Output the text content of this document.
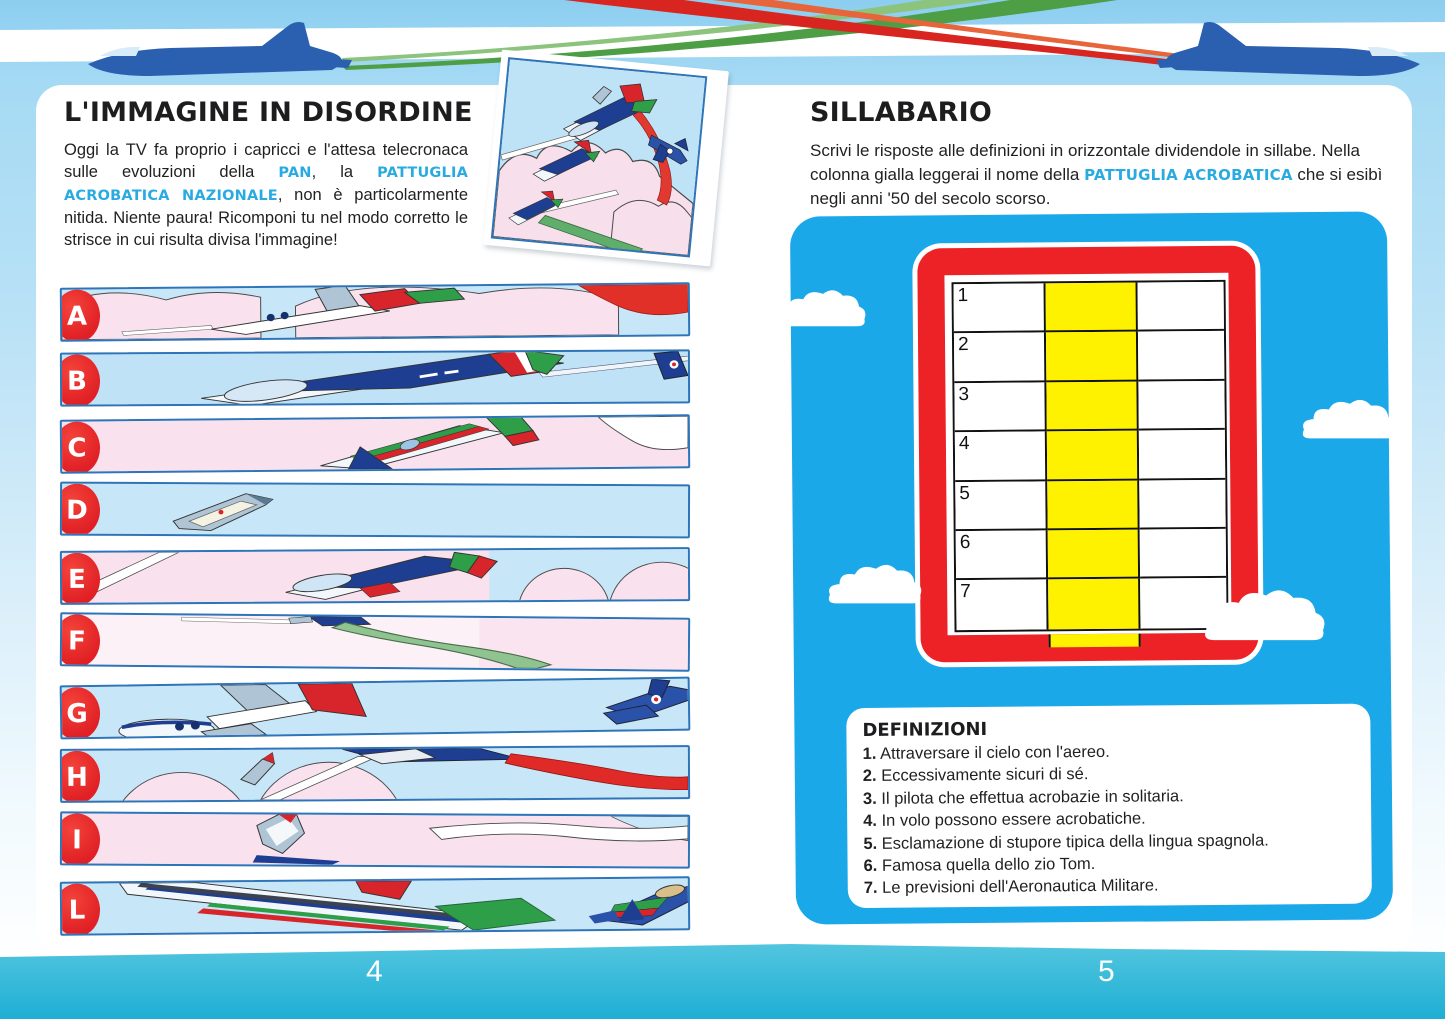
L'IMMAGINE IN DISORDINE
Oggi la TV fa proprio i capricci e l'attesa telecronaca sulle evoluzioni della PAN, la PATTUGLIA ACROBATICA NAZIONALE, non è particolarmente nitida. Niente paura! Ricomponi tu nel modo corretto le strisce in cui risulta divisa l'immagine!
A
B
C
D
E
F
G
H
I
L
SILLABARIO
Scrivi le risposte alle definizioni in orizzontale dividendole in sillabe. Nella colonna gialla leggerai il nome della PATTUGLIA ACROBATICA che si esibì negli anni '50 del secolo scorso.
1
2
3
4
5
6
7
DEFINIZIONI
1. Attraversare il cielo con l'aereo.
2. Eccessivamente sicuri di sé.
3. Il pilota che effettua acrobazie in solitaria.
4. In volo possono essere acrobatiche.
5. Esclamazione di stupore tipica della lingua spagnola.
6. Famosa quella dello zio Tom.
7. Le previsioni dell'Aeronautica Militare.
4	5
